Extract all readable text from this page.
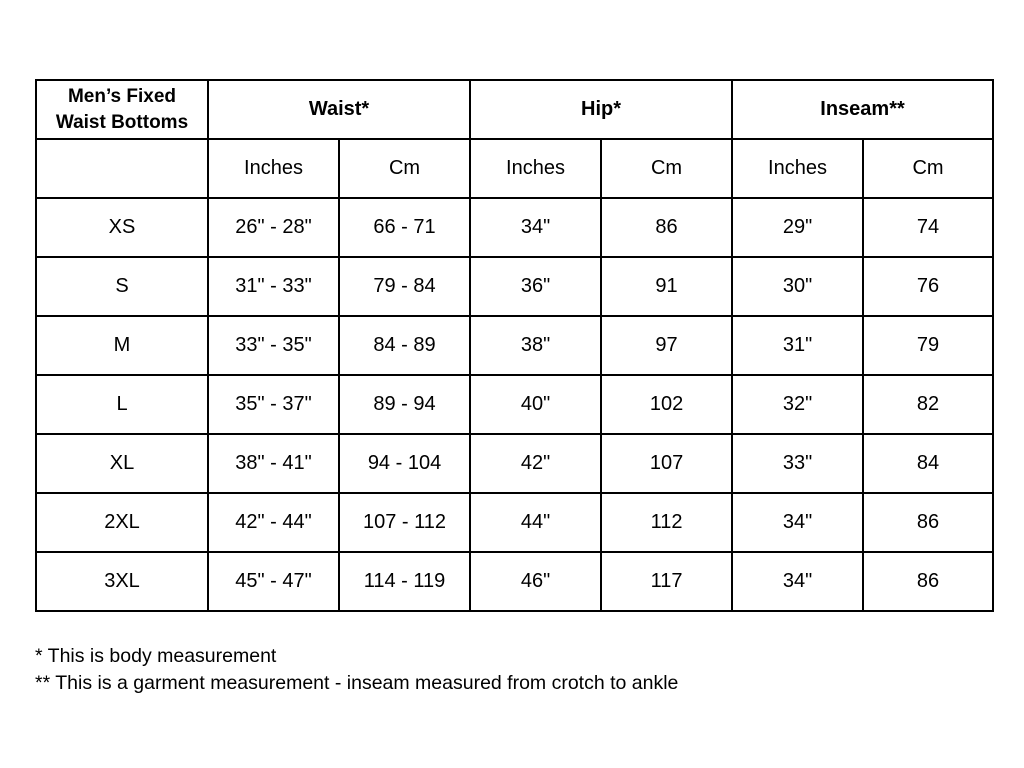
Men’s Fixed
Waist Bottoms	Waist*		Hip*		Inseam**	
	Inches	Cm	Inches	Cm	Inches	Cm
XS	26" - 28"	66 - 71	34"	86	29"	74
S	31" - 33"	79 - 84	36"	91	30"	76
M	33" - 35"	84 - 89	38"	97	31"	79
L	35" - 37"	89 - 94	40"	102	32"	82
XL	38" - 41"	94 - 104	42"	107	33"	84
2XL	42" - 44"	107 - 112	44"	112	34"	86
3XL	45" - 47"	114 - 119	46"	117	34"	86
* This is body measurement
** This is a garment measurement - inseam measured from crotch to ankle
